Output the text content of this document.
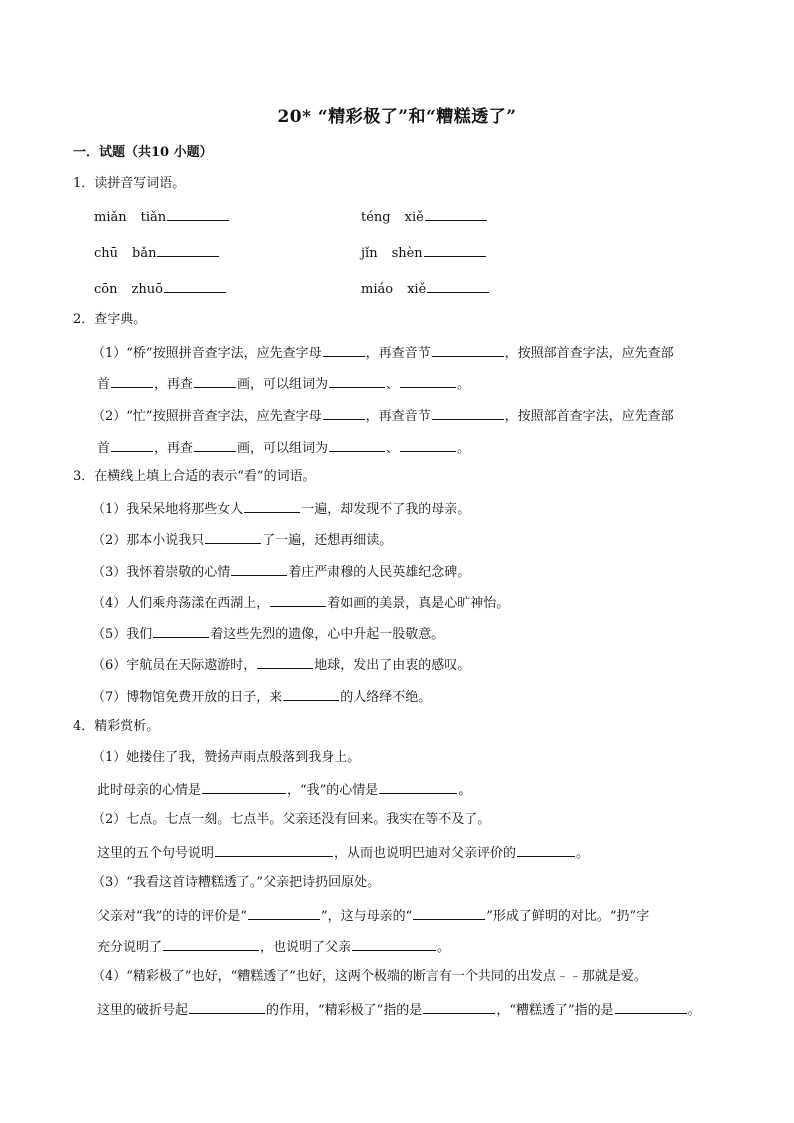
20* “精彩极了”和“糟糕透了”
一．试题（共10 小题）
1．读拼音写词语。
miǎn tiǎn	téng xiě
chū bǎn	jǐn shèn
cōn zhuō	miáo xiě
2．查字典。
（1）“桥”按照拼音查字法，应先查字母	，再查音节	，按照部首查字法，应先查部
首	，再查	画，可以组词为	、	。
（2）“忙”按照拼音查字法，应先查字母	，再查音节	，按照部首查字法，应先查部
首	，再查	画，可以组词为	、	。
3．在横线上填上合适的表示“看”的词语。
（1）我呆呆地将那些女人	一遍，却发现不了我的母亲。
（2）那本小说我只	了一遍，还想再细读。
（3）我怀着崇敬的心情	着庄严肃穆的人民英雄纪念碑。
（4）人们乘舟荡漾在西湖上，	着如画的美景，真是心旷神怡。
（5）我们	着这些先烈的遗像，心中升起一股敬意。
（6）宇航员在天际遨游时，	地球，发出了由衷的感叹。
（7）博物馆免费开放的日子，来	的人络绎不绝。
4．精彩赏析。
（1）她搂住了我，赞扬声雨点般落到我身上。
此时母亲的心情是	，“我”的心情是	。
（2）七点。七点一刻。七点半。父亲还没有回来。我实在等不及了。
这里的五个句号说明	，从而也说明巴迪对父亲评价的	。
（3）“我看这首诗糟糕透了。”父亲把诗扔回原处。
父亲对“我”的诗的评价是“	”，这与母亲的“	”形成了鲜明的对比。“扔”字
充分说明了	，也说明了父亲	。
（4）“精彩极了”也好，“糟糕透了”也好，这两个极端的断言有一个共同的出发点﹣﹣那就是爱。
这里的破折号起	的作用，“精彩极了”指的是	，“糟糕透了”指的是	。
